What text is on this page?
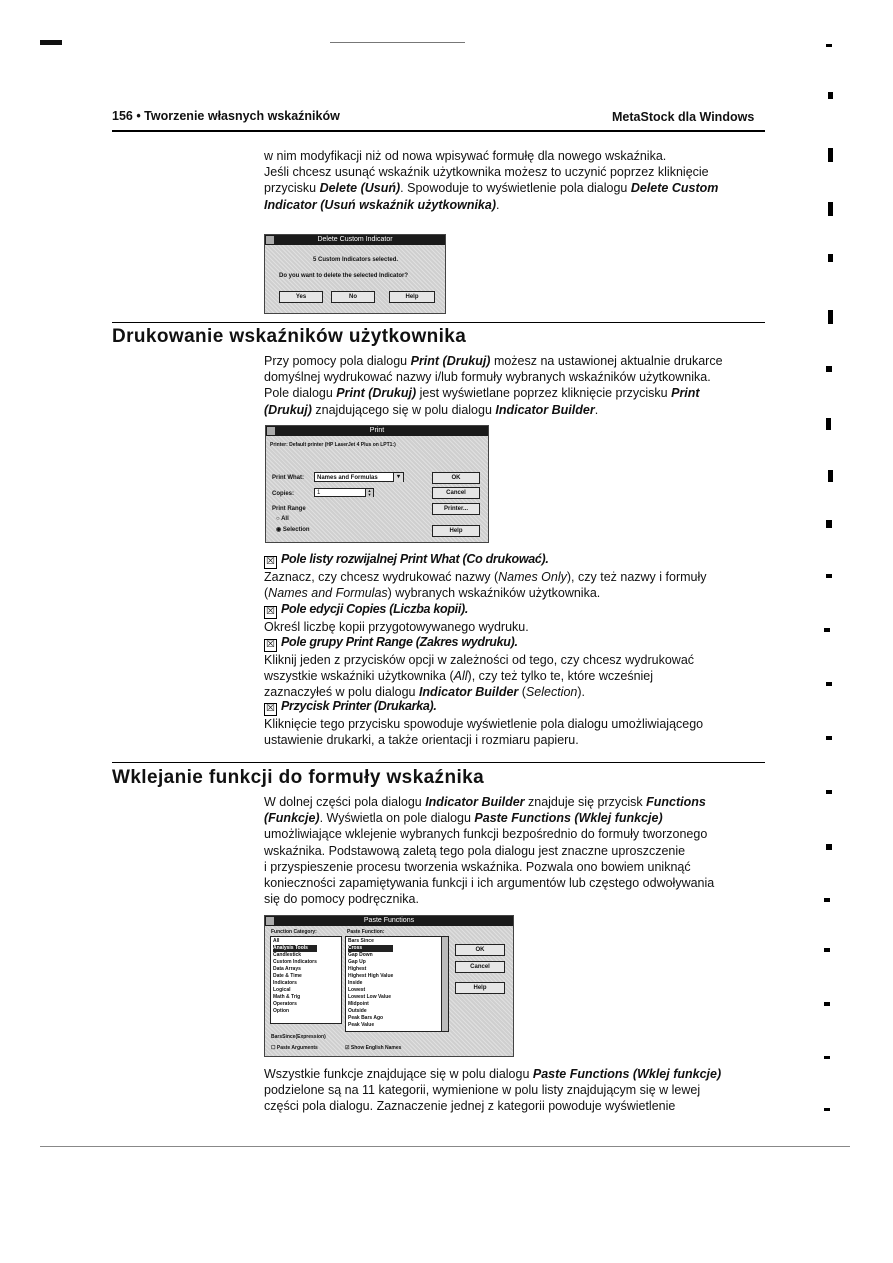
156 • Tworzenie własnych wskaźników	MetaStock dla Windows
w nim modyfikacji niż od nowa wpisywać formułę dla nowego wskaźnika.
Jeśli chcesz usunąć wskaźnik użytkownika możesz to uczynić poprzez kliknięcie
przycisku Delete (Usuń). Spowoduje to wyświetlenie pola dialogu Delete Custom
Indicator (Usuń wskaźnik użytkownika).
Delete Custom Indicator
5 Custom Indicators selected.
Do you want to delete the selected Indicator?
Yes	No	Help
Drukowanie wskaźników użytkownika
Przy pomocy pola dialogu Print (Drukuj) możesz na ustawionej aktualnie drukarce
domyślnej wydrukować nazwy i/lub formuły wybranych wskaźników użytkownika.
Pole dialogu Print (Drukuj) jest wyświetlane poprzez kliknięcie przycisku Print
(Drukuj) znajdującego się w polu dialogu Indicator Builder.
Print
Printer: Default printer (HP LaserJet 4 Plus on LPT1:)
Print What:	Names and Formulas	▾
Copies:	1	▲
▼
Print Range
○ All
◉ Selection
OK
Cancel
Printer...
Help
☒ Pole listy rozwijalnej Print What (Co drukować).
Zaznacz, czy chcesz wydrukować nazwy (Names Only), czy też nazwy i formuły
(Names and Formulas) wybranych wskaźników użytkownika.
☒ Pole edycji Copies (Liczba kopii).
Określ liczbę kopii przygotowywanego wydruku.
☒ Pole grupy Print Range (Zakres wydruku).
Kliknij jeden z przycisków opcji w zależności od tego, czy chcesz wydrukować
wszystkie wskaźniki użytkownika (All), czy też tylko te, które wcześniej
zaznaczyłeś w polu dialogu Indicator Builder (Selection).
☒ Przycisk Printer (Drukarka).
Kliknięcie tego przycisku spowoduje wyświetlenie pola dialogu umożliwiającego
ustawienie drukarki, a także orientacji i rozmiaru papieru.
Wklejanie funkcji do formuły wskaźnika
W dolnej części pola dialogu Indicator Builder znajduje się przycisk Functions
(Funkcje). Wyświetla on pole dialogu Paste Functions (Wklej funkcje)
umożliwiające wklejenie wybranych funkcji bezpośrednio do formuły tworzonego
wskaźnika. Podstawową zaletą tego pola dialogu jest znaczne uproszczenie
i przyspieszenie procesu tworzenia wskaźnika. Pozwala ono bowiem uniknąć
konieczności zapamiętywania funkcji i ich argumentów lub częstego odwoływania
się do pomocy podręcznika.
Paste Functions
Function Category:	Paste Function:
All
Analysis Tools
Candlestick
Custom Indicators
Data Arrays
Date & Time
Indicators
Logical
Math & Trig
Operators
Option
Bars Since
Cross
Gap Down
Gap Up
Highest
Highest High Value
Inside
Lowest
Lowest Low Value
Midpoint
Outside
Peak Bars Ago
Peak Value
BarsSince(Expression)
☐ Paste Arguments	☑ Show English Names
OK
Cancel
Help
Wszystkie funkcje znajdujące się w polu dialogu Paste Functions (Wklej funkcje)
podzielone są na 11 kategorii, wymienione w polu listy znajdującym się w lewej
części pola dialogu. Zaznaczenie jednej z kategorii powoduje wyświetlenie
